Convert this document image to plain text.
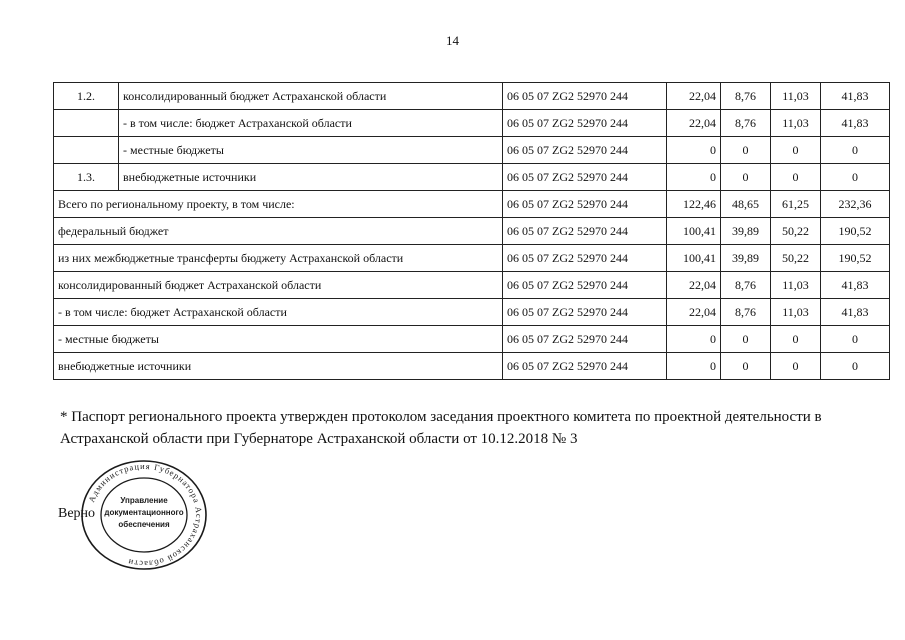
14
1.2.	консолидированный бюджет Астраханской области	06 05 07 ZG2 52970 244	22,04	8,76	11,03	41,83
	- в том числе: бюджет Астраханской области	06 05 07 ZG2 52970 244	22,04	8,76	11,03	41,83
	- местные бюджеты	06 05 07 ZG2 52970 244	0	0	0	0
1.3.	внебюджетные источники	06 05 07 ZG2 52970 244	0	0	0	0
Всего по региональному проекту, в том числе:		06 05 07 ZG2 52970 244	122,46	48,65	61,25	232,36
федеральный бюджет		06 05 07 ZG2 52970 244	100,41	39,89	50,22	190,52
из них межбюджетные трансферты бюджету Астраханской области		06 05 07 ZG2 52970 244	100,41	39,89	50,22	190,52
консолидированный бюджет Астраханской области		06 05 07 ZG2 52970 244	22,04	8,76	11,03	41,83
- в том числе: бюджет Астраханской области		06 05 07 ZG2 52970 244	22,04	8,76	11,03	41,83
- местные бюджеты		06 05 07 ZG2 52970 244	0	0	0	0
внебюджетные источники		06 05 07 ZG2 52970 244	0	0	0	0
* Паспорт регионального проекта утвержден протоколом заседания проектного комитета по проектной деятельности в Астраханской области при Губернаторе Астраханской области от 10.12.2018 № 3
Верно
Администрация Губернатора Астраханской области
Управление
документационного
обеспечения
